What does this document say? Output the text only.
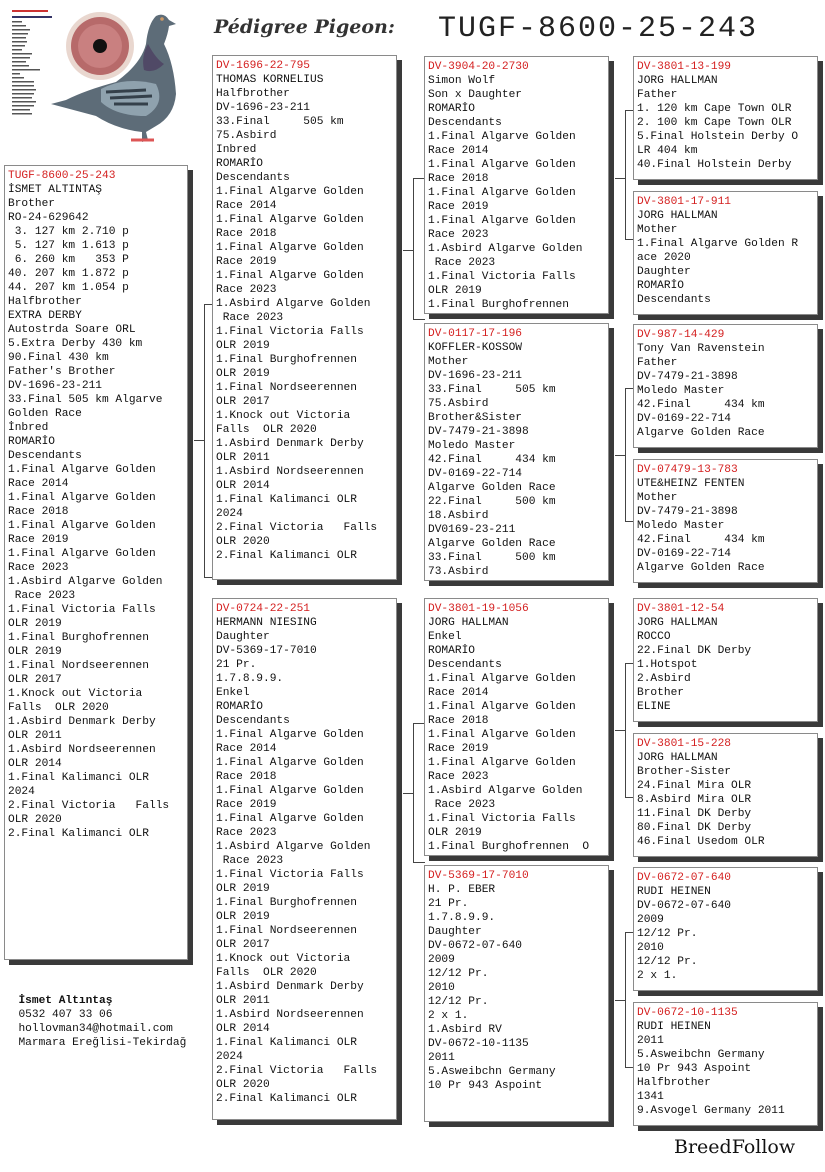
Pédigree Pigeon: TUGF-8600-25-243
TUGF-8600-25-243
İSMET ALTINTAŞ
Brother
RO-24-629642
3. 127 km 2.710 p
5. 127 km 1.613 p
6. 260 km   353 P
40. 207 km 1.872 p
44. 207 km 1.054 p
Halfbrother
EXTRA DERBY
Autostrda Soare ORL
5.Extra Derby 430 km
90.Final 430 km
Father's Brother
DV-1696-23-211
33.Final 505 km Algarve
Golden Race
İnbred
ROMARİO
Descendants
1.Final Algarve Golden
Race 2014
1.Final Algarve Golden
Race 2018
1.Final Algarve Golden
Race 2019
1.Final Algarve Golden
Race 2023
1.Asbird Algarve Golden
Race 2023
1.Final Victoria Falls
OLR 2019
1.Final Burghofrennen
OLR 2019
1.Final Nordseerennen
OLR 2017
1.Knock out Victoria
Falls  OLR 2020
1.Asbird Denmark Derby
OLR 2011
1.Asbird Nordseerennen
OLR 2014
1.Final Kalimanci OLR
2024
2.Final Victoria   Falls
OLR 2020
2.Final Kalimanci OLR
DV-1696-22-795
THOMAS KORNELIUS
Halfbrother
DV-1696-23-211
33.Final     505 km
75.Asbird
Inbred
ROMARİO
Descendants
1.Final Algarve Golden
Race 2014
1.Final Algarve Golden
Race 2018
1.Final Algarve Golden
Race 2019
1.Final Algarve Golden
Race 2023
1.Asbird Algarve Golden
Race 2023
1.Final Victoria Falls
OLR 2019
1.Final Burghofrennen
OLR 2019
1.Final Nordseerennen
OLR 2017
1.Knock out Victoria
Falls  OLR 2020
1.Asbird Denmark Derby
OLR 2011
1.Asbird Nordseerennen
OLR 2014
1.Final Kalimanci OLR
2024
2.Final Victoria   Falls
OLR 2020
2.Final Kalimanci OLR
DV-0724-22-251
HERMANN NIESING
Daughter
DV-5369-17-7010
21 Pr.
1.7.8.9.9.
Enkel
ROMARİO
Descendants
1.Final Algarve Golden
Race 2014
1.Final Algarve Golden
Race 2018
1.Final Algarve Golden
Race 2019
1.Final Algarve Golden
Race 2023
1.Asbird Algarve Golden
Race 2023
1.Final Victoria Falls
OLR 2019
1.Final Burghofrennen
OLR 2019
1.Final Nordseerennen
OLR 2017
1.Knock out Victoria
Falls  OLR 2020
1.Asbird Denmark Derby
OLR 2011
1.Asbird Nordseerennen
OLR 2014
1.Final Kalimanci OLR
2024
2.Final Victoria   Falls
OLR 2020
2.Final Kalimanci OLR
DV-3904-20-2730
Simon Wolf
Son x Daughter
ROMARİO
Descendants
1.Final Algarve Golden
Race 2014
1.Final Algarve Golden
Race 2018
1.Final Algarve Golden
Race 2019
1.Final Algarve Golden
Race 2023
1.Asbird Algarve Golden
Race 2023
1.Final Victoria Falls
OLR 2019
1.Final Burghofrennen
DV-0117-17-196
KOFFLER-KOSSOW
Mother
DV-1696-23-211
33.Final     505 km
75.Asbird
Brother&Sister
DV-7479-21-3898
Moledo Master
42.Final     434 km
DV-0169-22-714
Algarve Golden Race
22.Final     500 km
18.Asbird
DV0169-23-211
Algarve Golden Race
33.Final     500 km
73.Asbird
DV-3801-19-1056
JORG HALLMAN
Enkel
ROMARİO
Descendants
1.Final Algarve Golden
Race 2014
1.Final Algarve Golden
Race 2018
1.Final Algarve Golden
Race 2019
1.Final Algarve Golden
Race 2023
1.Asbird Algarve Golden
Race 2023
1.Final Victoria Falls
OLR 2019
1.Final Burghofrennen  O
DV-5369-17-7010
H. P. EBER
21 Pr.
1.7.8.9.9.
Daughter
DV-0672-07-640
2009
12/12 Pr.
2010
12/12 Pr.
2 x 1.
1.Asbird RV
DV-0672-10-1135
2011
5.Asweibchn Germany
10 Pr 943 Aspoint
DV-3801-13-199
JORG HALLMAN
Father
1. 120 km Cape Town OLR
2. 100 km Cape Town OLR
5.Final Holstein Derby O
LR 404 km
40.Final Holstein Derby
DV-3801-17-911
JORG HALLMAN
Mother
1.Final Algarve Golden R
ace 2020
Daughter
ROMARİO
Descendants
DV-987-14-429
Tony Van Ravenstein
Father
DV-7479-21-3898
Moledo Master
42.Final     434 km
DV-0169-22-714
Algarve Golden Race
DV-07479-13-783
UTE&HEINZ FENTEN
Mother
DV-7479-21-3898
Moledo Master
42.Final     434 km
DV-0169-22-714
Algarve Golden Race
DV-3801-12-54
JORG HALLMAN
ROCCO
22.Final DK Derby
1.Hotspot
2.Asbird
Brother
ELINE
DV-3801-15-228
JORG HALLMAN
Brother-Sister
24.Final Mira OLR
8.Asbird Mira OLR
11.Final DK Derby
80.Final DK Derby
46.Final Usedom OLR
DV-0672-07-640
RUDI HEINEN
DV-0672-07-640
2009
12/12 Pr.
2010
12/12 Pr.
2 x 1.
DV-0672-10-1135
RUDI HEINEN
2011
5.Asweibchn Germany
10 Pr 943 Aspoint
Halfbrother
1341
9.Asvogel Germany 2011

İsmet Altıntaş
0532 407 33 06
hollovman34@hotmail.com
Marmara Ereğlisi-Tekirdağ

BreedFollow
